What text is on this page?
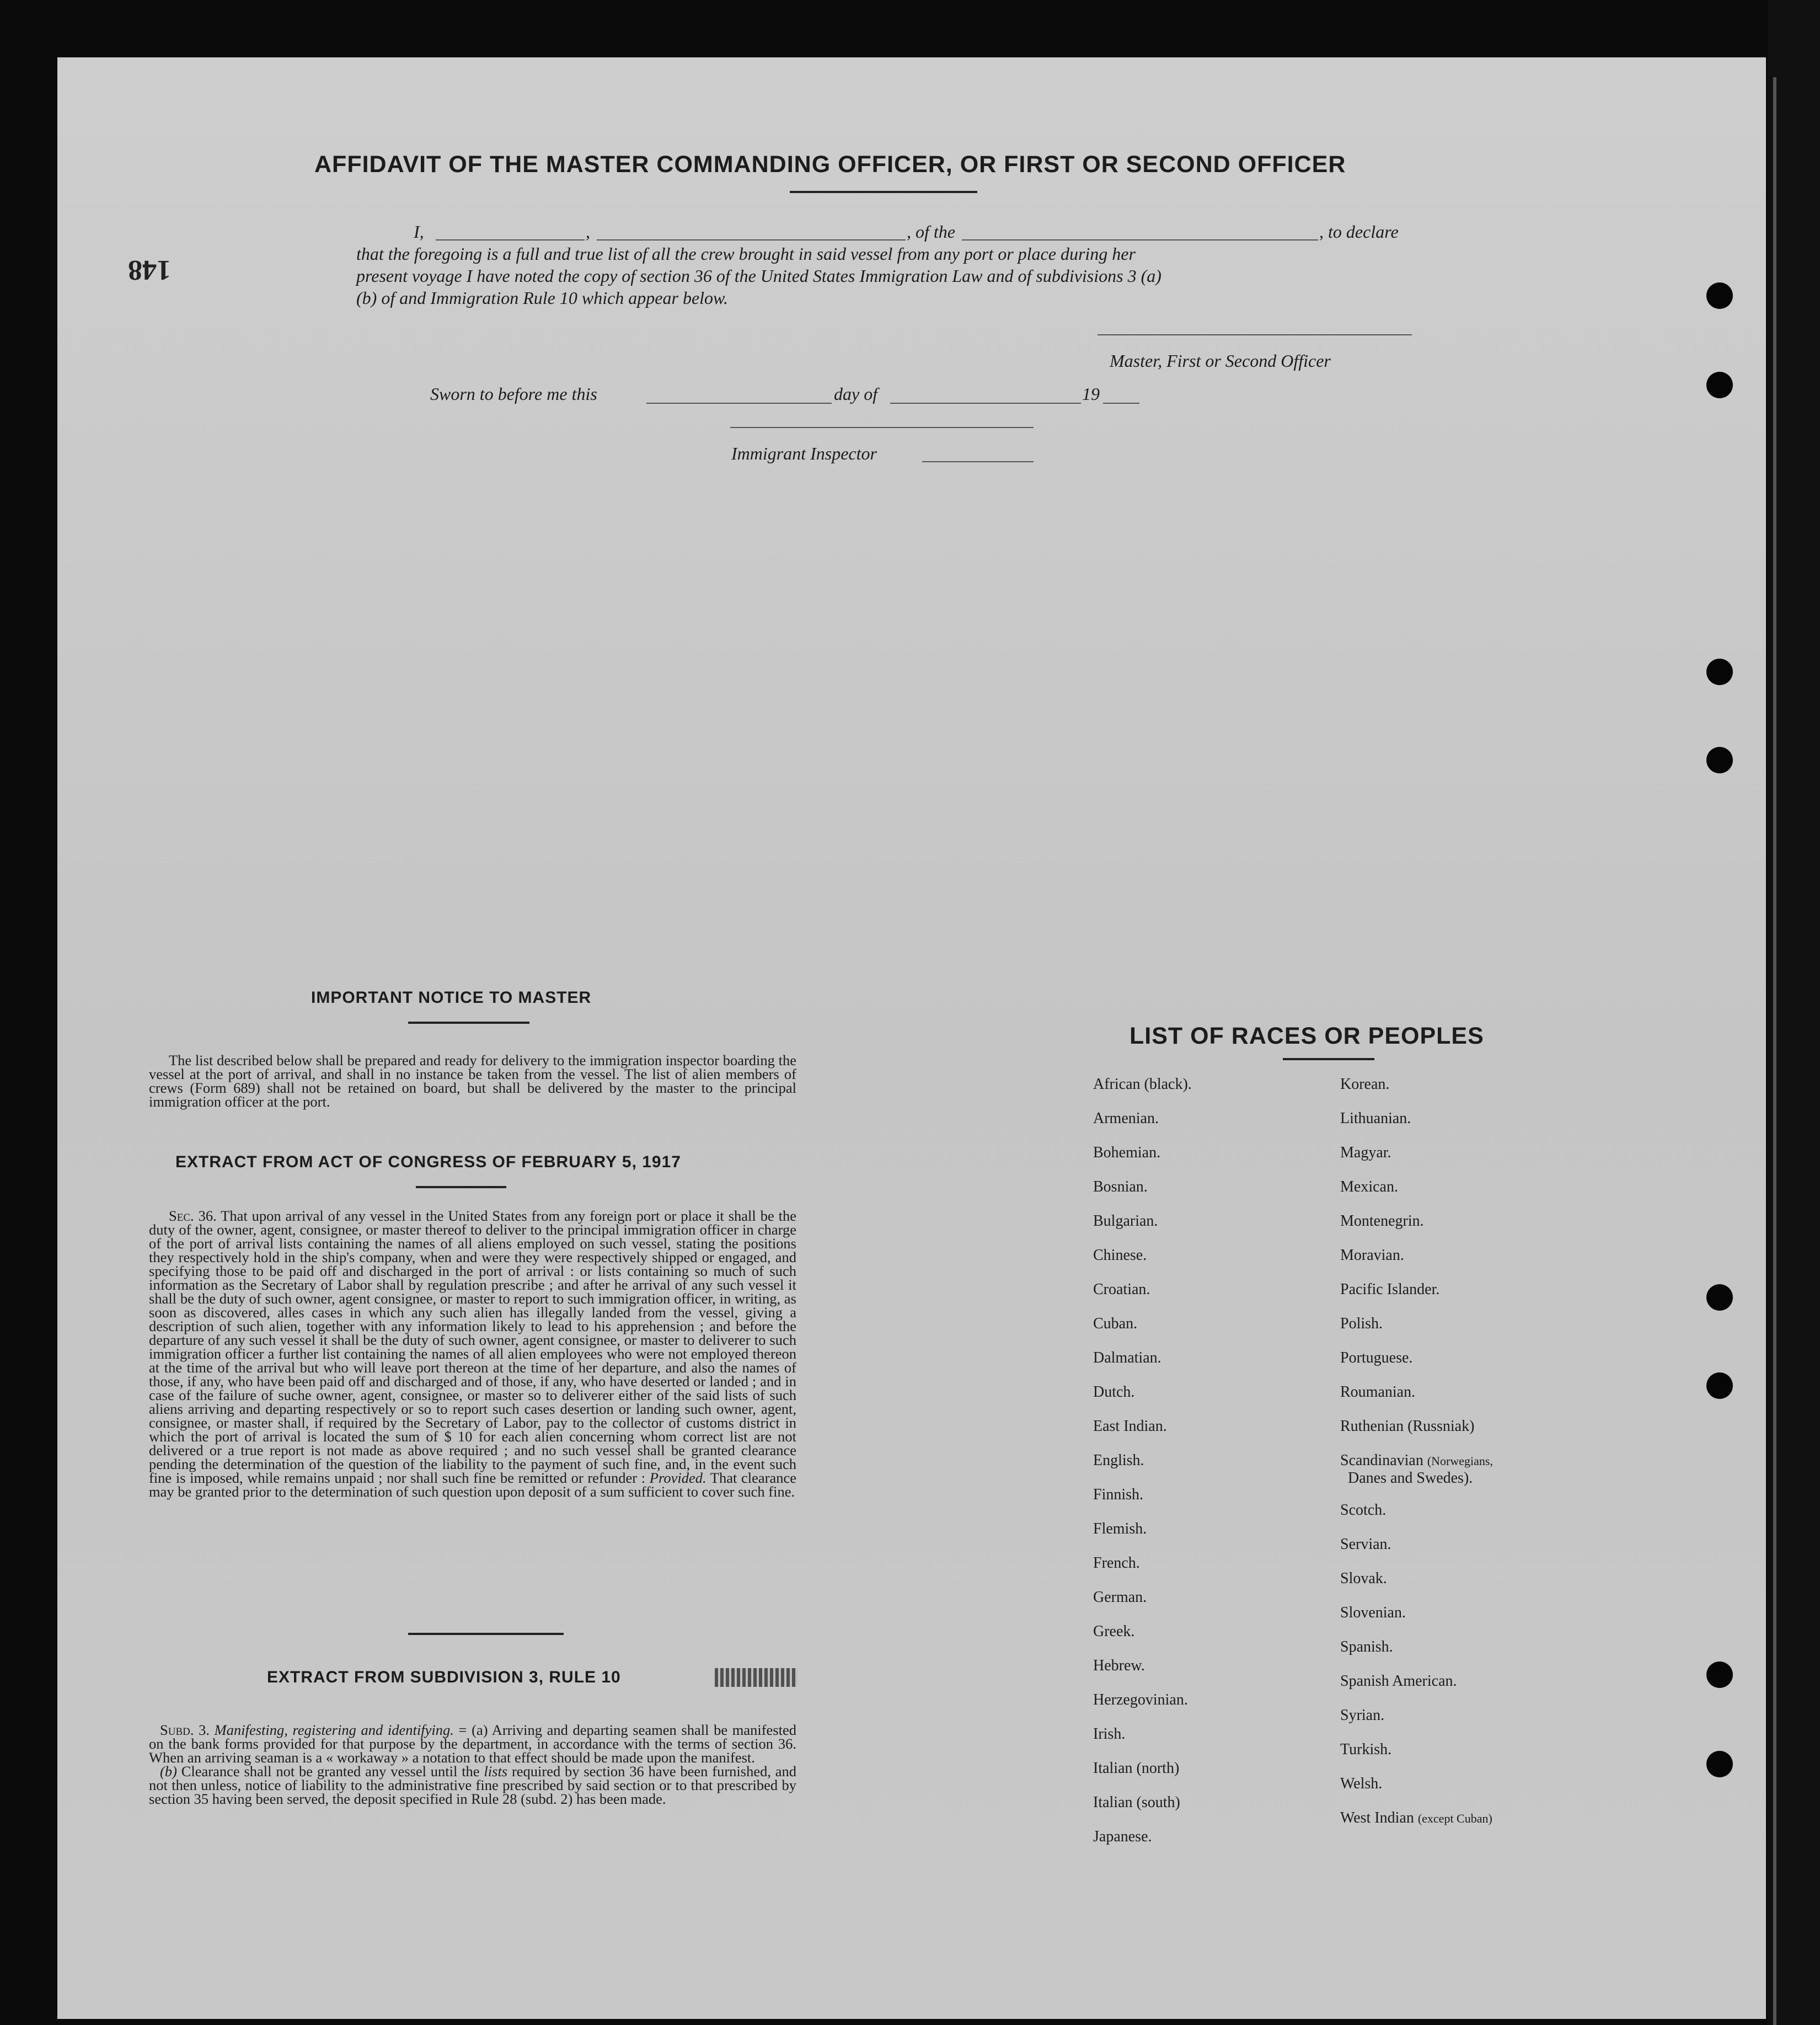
148
AFFIDAVIT OF THE MASTER COMMANDING OFFICER, OR FIRST OR SECOND OFFICER
I,	,	, of the	, to declare
that the foregoing is a full and true list of all the crew brought in said vessel from any port or place during her
present voyage I have noted the copy of section 36 of the United States Immigration Law and of subdivisions 3 (a)
(b) of and Immigration Rule 10 which appear below.
Master, First or Second Officer
Sworn to before me this	day of	19
Immigrant Inspector
IMPORTANT NOTICE TO MASTER

The list described below shall be prepared and ready for delivery to the immigration inspector boarding the vessel at the port of arrival, and shall in no instance be taken from the vessel. The list of alien members of crews (Form 689) shall not be retained on board, but shall be delivered by the master to the principal immigration officer at the port.

EXTRACT FROM ACT OF CONGRESS OF FEBRUARY 5, 1917

Sec. 36. That upon arrival of any vessel in the United States from any foreign port or place it shall be the duty of the owner, agent, consignee, or master thereof to deliver to the principal immigration officer in charge of the port of arrival lists containing the names of all aliens employed on such vessel, stating the positions they respectively hold in the ship's company, when and were they were respectively shipped or engaged, and specifying those to be paid off and discharged in the port of arrival : or lists containing so much of such information as the Secretary of Labor shall by regulation prescribe ; and after he arrival of any such vessel it shall be the duty of such owner, agent consignee, or master to report to such immigration officer, in writing, as soon as discovered, alles cases in which any such alien has illegally landed from the vessel, giving a description of such alien, together with any information likely to lead to his apprehension ; and before the departure of any such vessel it shall be the duty of such owner, agent consignee, or master to deliverer to such immigration officer a further list containing the names of all alien employees who were not employed thereon at the time of the arrival but who will leave port thereon at the time of her departure, and also the names of those, if any, who have been paid off and discharged and of those, if any, who have deserted or landed ; and in case of the failure of suche owner, agent, consignee, or master so to deliverer either of the said lists of such aliens arriving and departing respectively or so to report such cases desertion or landing such owner, agent, consignee, or master shall, if required by the Secretary of Labor, pay to the collector of customs district in which the port of arrival is located the sum of $ 10 for each alien concerning whom correct list are not delivered or a true report is not made as above required ; and no such vessel shall be granted clearance pending the determination of the question of the liability to the payment of such fine, and, in the event such fine is imposed, while remains unpaid ; nor shall such fine be remitted or refunder : Provided. That clearance may be granted prior to the determination of such question upon deposit of a sum sufficient to cover such fine.

EXTRACT FROM SUBDIVISION 3, RULE 10

Subd. 3. Manifesting, registering and identifying. = (a) Arriving and departing seamen shall be manifested on the bank forms provided for that purpose by the department, in accordance with the terms of section 36. When an arriving seaman is a « workaway » a notation to that effect should be made upon the manifest.

(b) Clearance shall not be granted any vessel until the lists required by section 36 have been furnished, and not then unless, notice of liability to the administrative fine prescribed by said section or to that prescribed by section 35 having been served, the deposit specified in Rule 28 (subd. 2) has been made.

LIST OF RACES OR PEOPLES
African (black).
Armenian.
Bohemian.
Bosnian.
Bulgarian.
Chinese.
Croatian.
Cuban.
Dalmatian.
Dutch.
East Indian.
English.
Finnish.
Flemish.
French.
German.
Greek.
Hebrew.
Herzegovinian.
Irish.
Italian (north)
Italian (south)
Japanese.
Korean.
Lithuanian.
Magyar.
Mexican.
Montenegrin.
Moravian.
Pacific Islander.
Polish.
Portuguese.
Roumanian.
Ruthenian (Russniak)
Scandinavian (Norwegians,
Danes and Swedes).
Scotch.
Servian.
Slovak.
Slovenian.
Spanish.
Spanish American.
Syrian.
Turkish.
Welsh.
West Indian (except Cuban)
